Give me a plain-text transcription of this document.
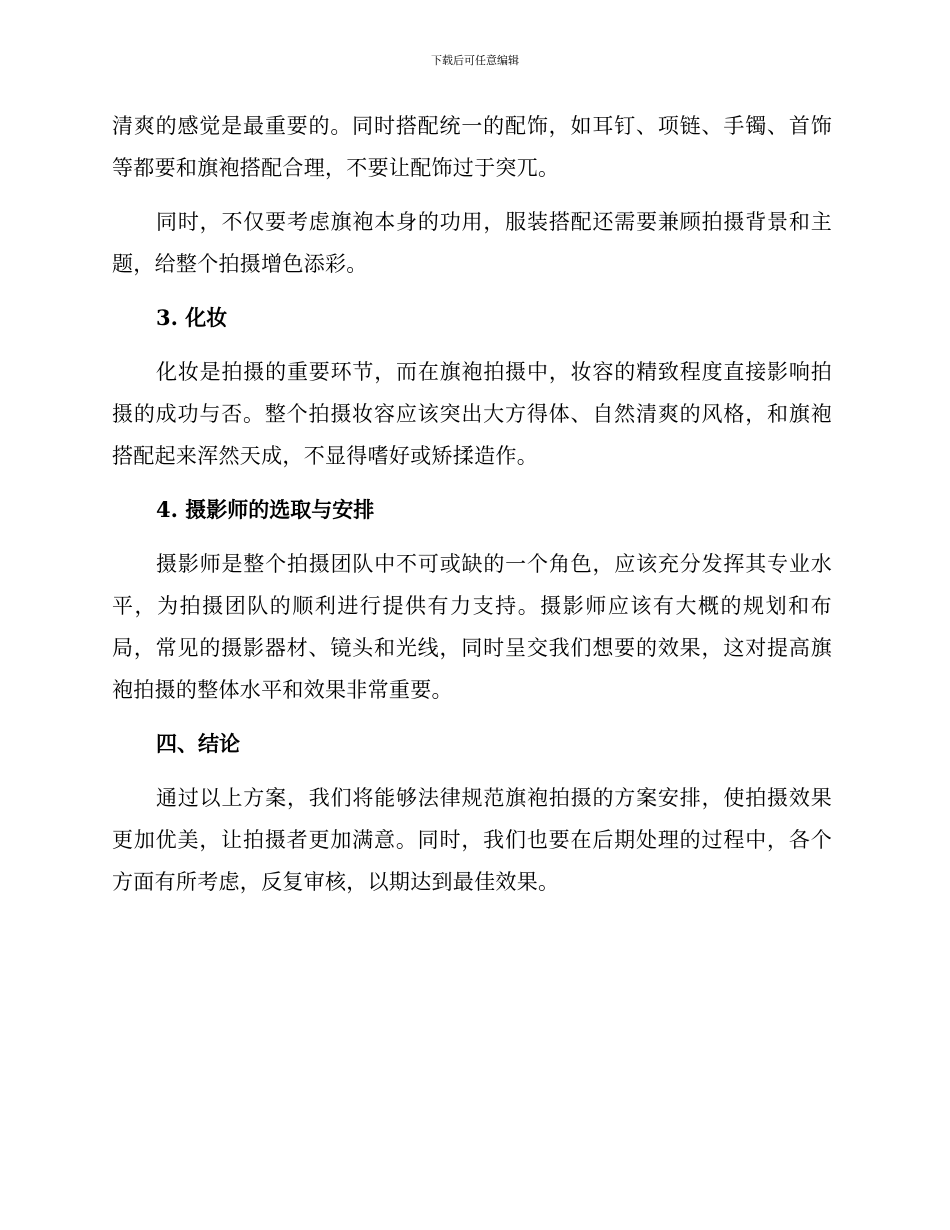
下载后可任意编辑

清爽的感觉是最重要的。同时搭配统一的配饰，如耳钉、项链、手镯、首饰等都要和旗袍搭配合理，不要让配饰过于突兀。

同时，不仅要考虑旗袍本身的功用，服装搭配还需要兼顾拍摄背景和主题，给整个拍摄增色添彩。

3. 化妆

化妆是拍摄的重要环节，而在旗袍拍摄中，妆容的精致程度直接影响拍摄的成功与否。整个拍摄妆容应该突出大方得体、自然清爽的风格，和旗袍搭配起来浑然天成，不显得嗜好或矫揉造作。

4. 摄影师的选取与安排

摄影师是整个拍摄团队中不可或缺的一个角色，应该充分发挥其专业水平，为拍摄团队的顺利进行提供有力支持。摄影师应该有大概的规划和布局，常见的摄影器材、镜头和光线，同时呈交我们想要的效果，这对提高旗袍拍摄的整体水平和效果非常重要。

四、结论

通过以上方案，我们将能够法律规范旗袍拍摄的方案安排，使拍摄效果更加优美，让拍摄者更加满意。同时，我们也要在后期处理的过程中，各个方面有所考虑，反复审核，以期达到最佳效果。
